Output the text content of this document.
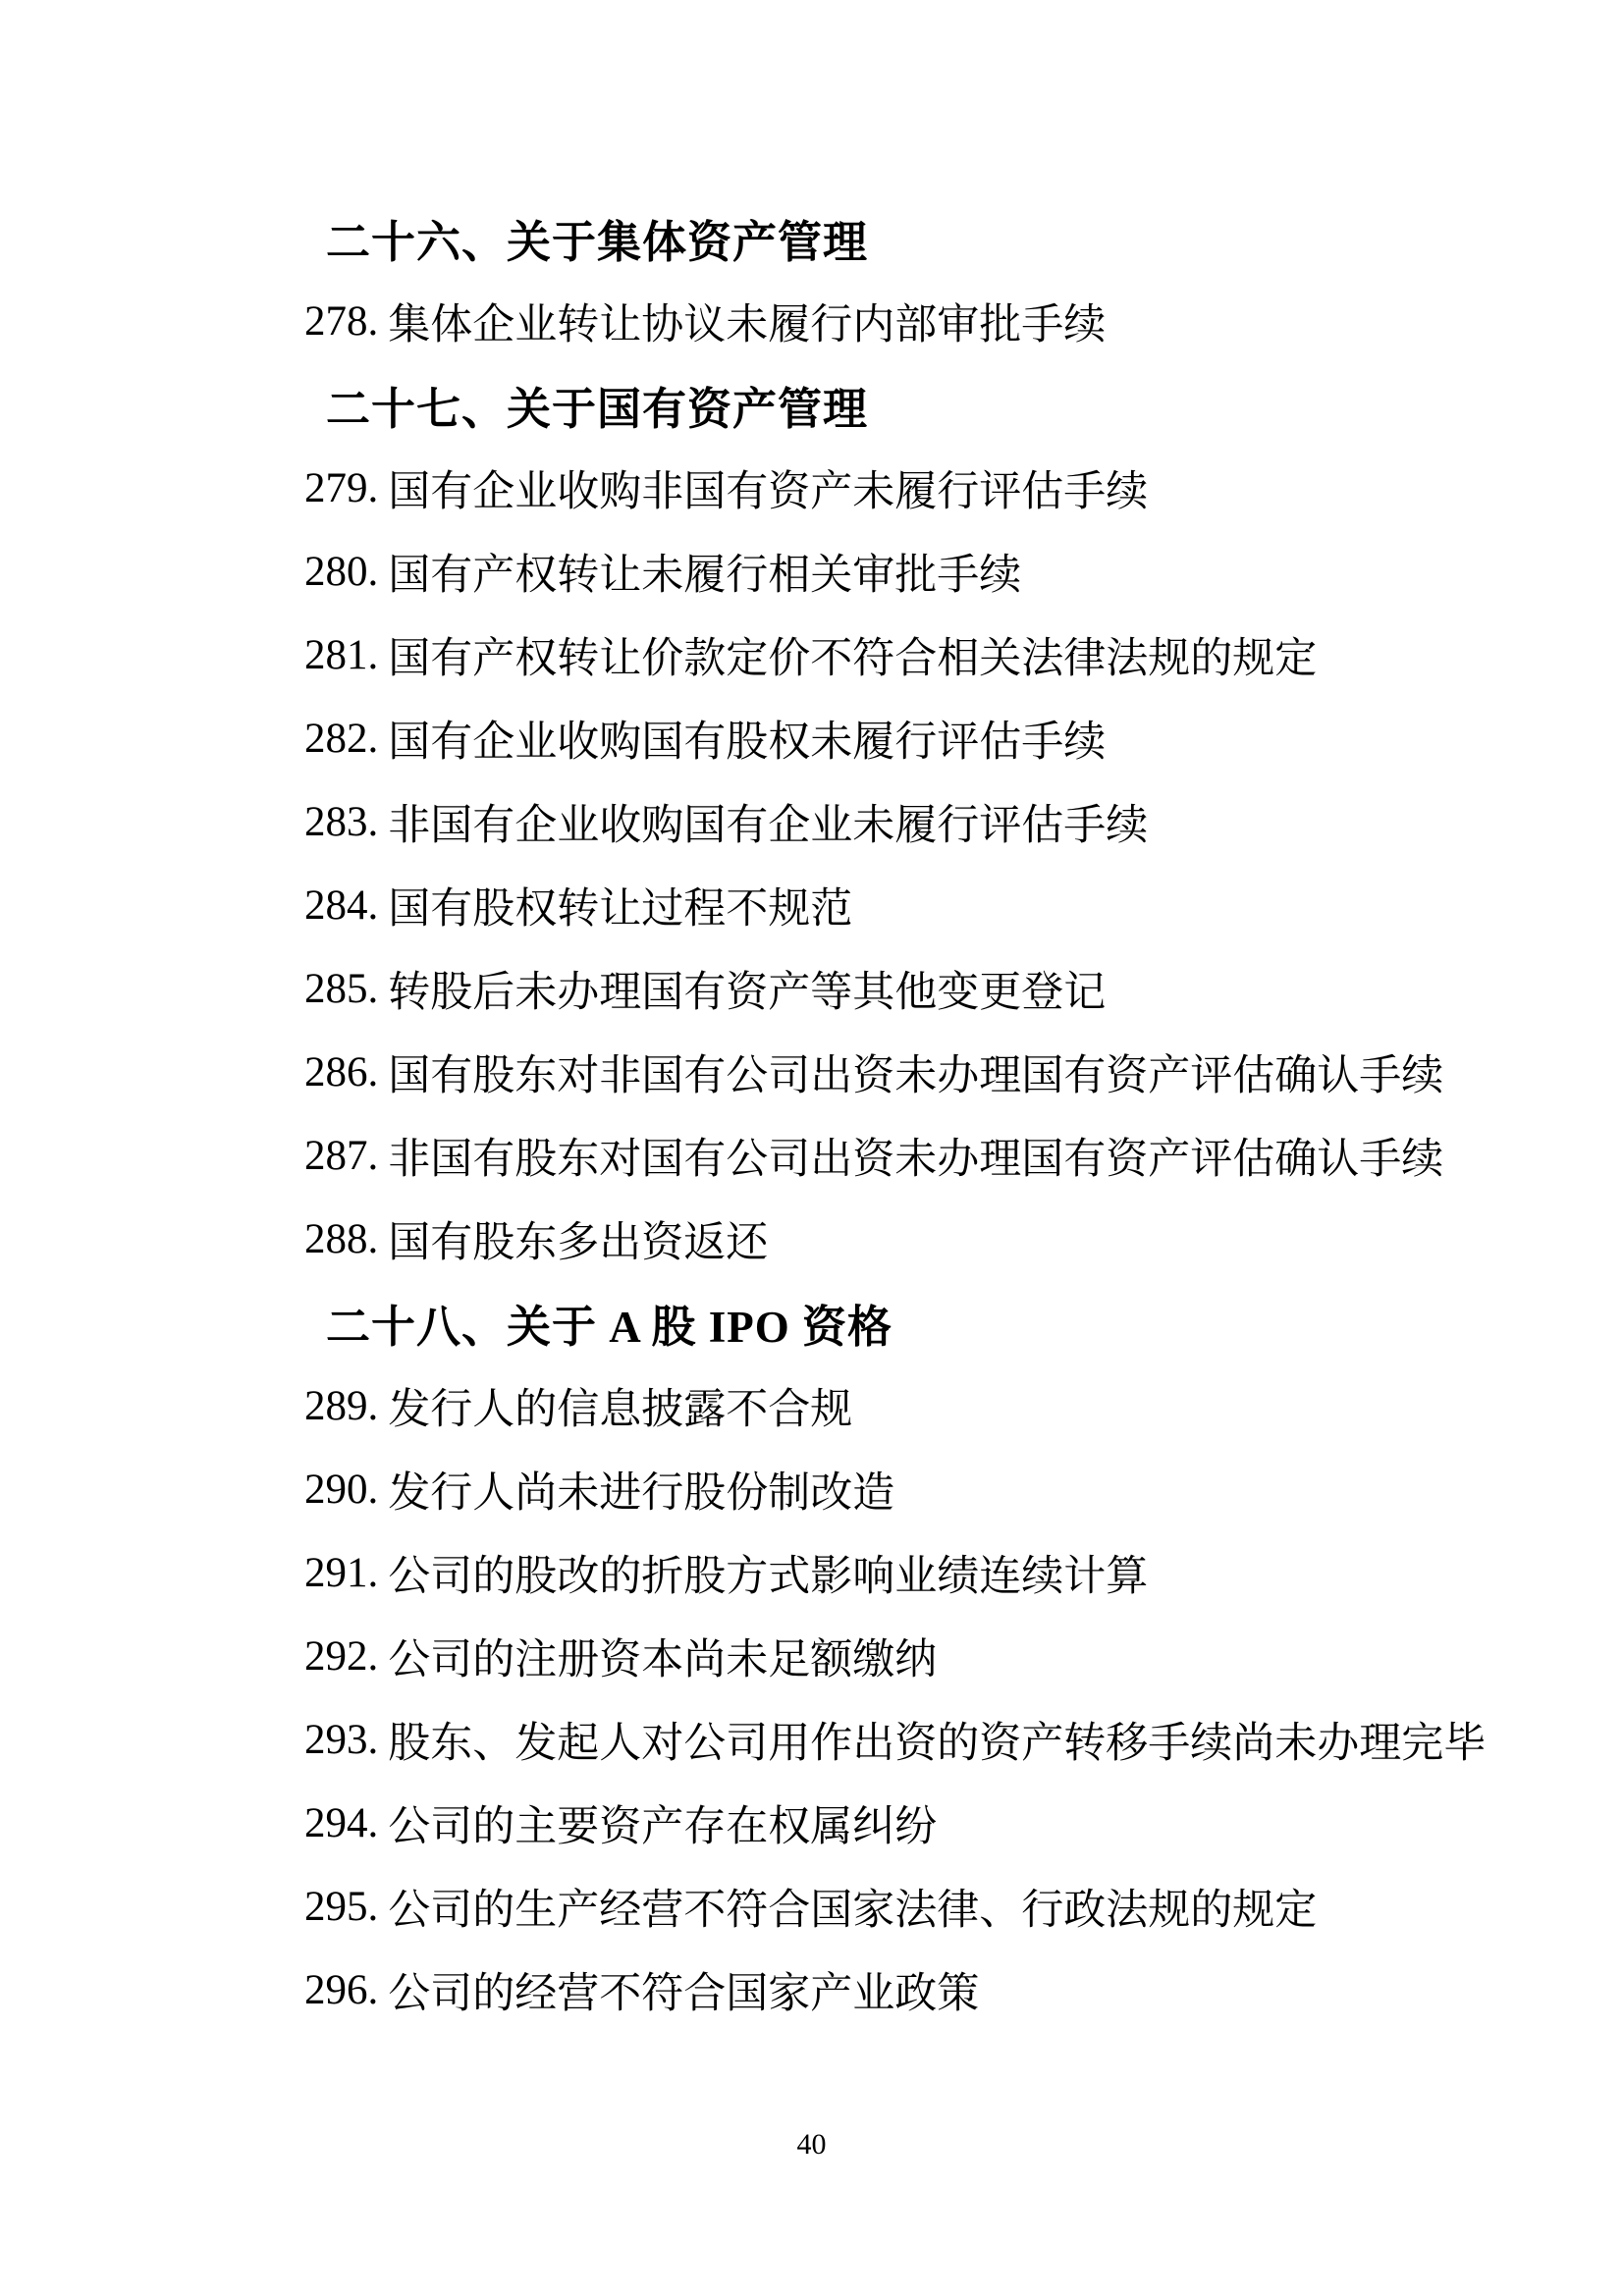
二十六、关于集体资产管理
278. 集体企业转让协议未履行内部审批手续
二十七、关于国有资产管理
279. 国有企业收购非国有资产未履行评估手续
280. 国有产权转让未履行相关审批手续
281. 国有产权转让价款定价不符合相关法律法规的规定
282. 国有企业收购国有股权未履行评估手续
283. 非国有企业收购国有企业未履行评估手续
284. 国有股权转让过程不规范
285. 转股后未办理国有资产等其他变更登记
286. 国有股东对非国有公司出资未办理国有资产评估确认手续
287. 非国有股东对国有公司出资未办理国有资产评估确认手续
288. 国有股东多出资返还
二十八、关于 A 股 IPO 资格
289. 发行人的信息披露不合规
290. 发行人尚未进行股份制改造
291. 公司的股改的折股方式影响业绩连续计算
292. 公司的注册资本尚未足额缴纳
293. 股东、发起人对公司用作出资的资产转移手续尚未办理完毕
294. 公司的主要资产存在权属纠纷
295. 公司的生产经营不符合国家法律、行政法规的规定
296. 公司的经营不符合国家产业政策
40
